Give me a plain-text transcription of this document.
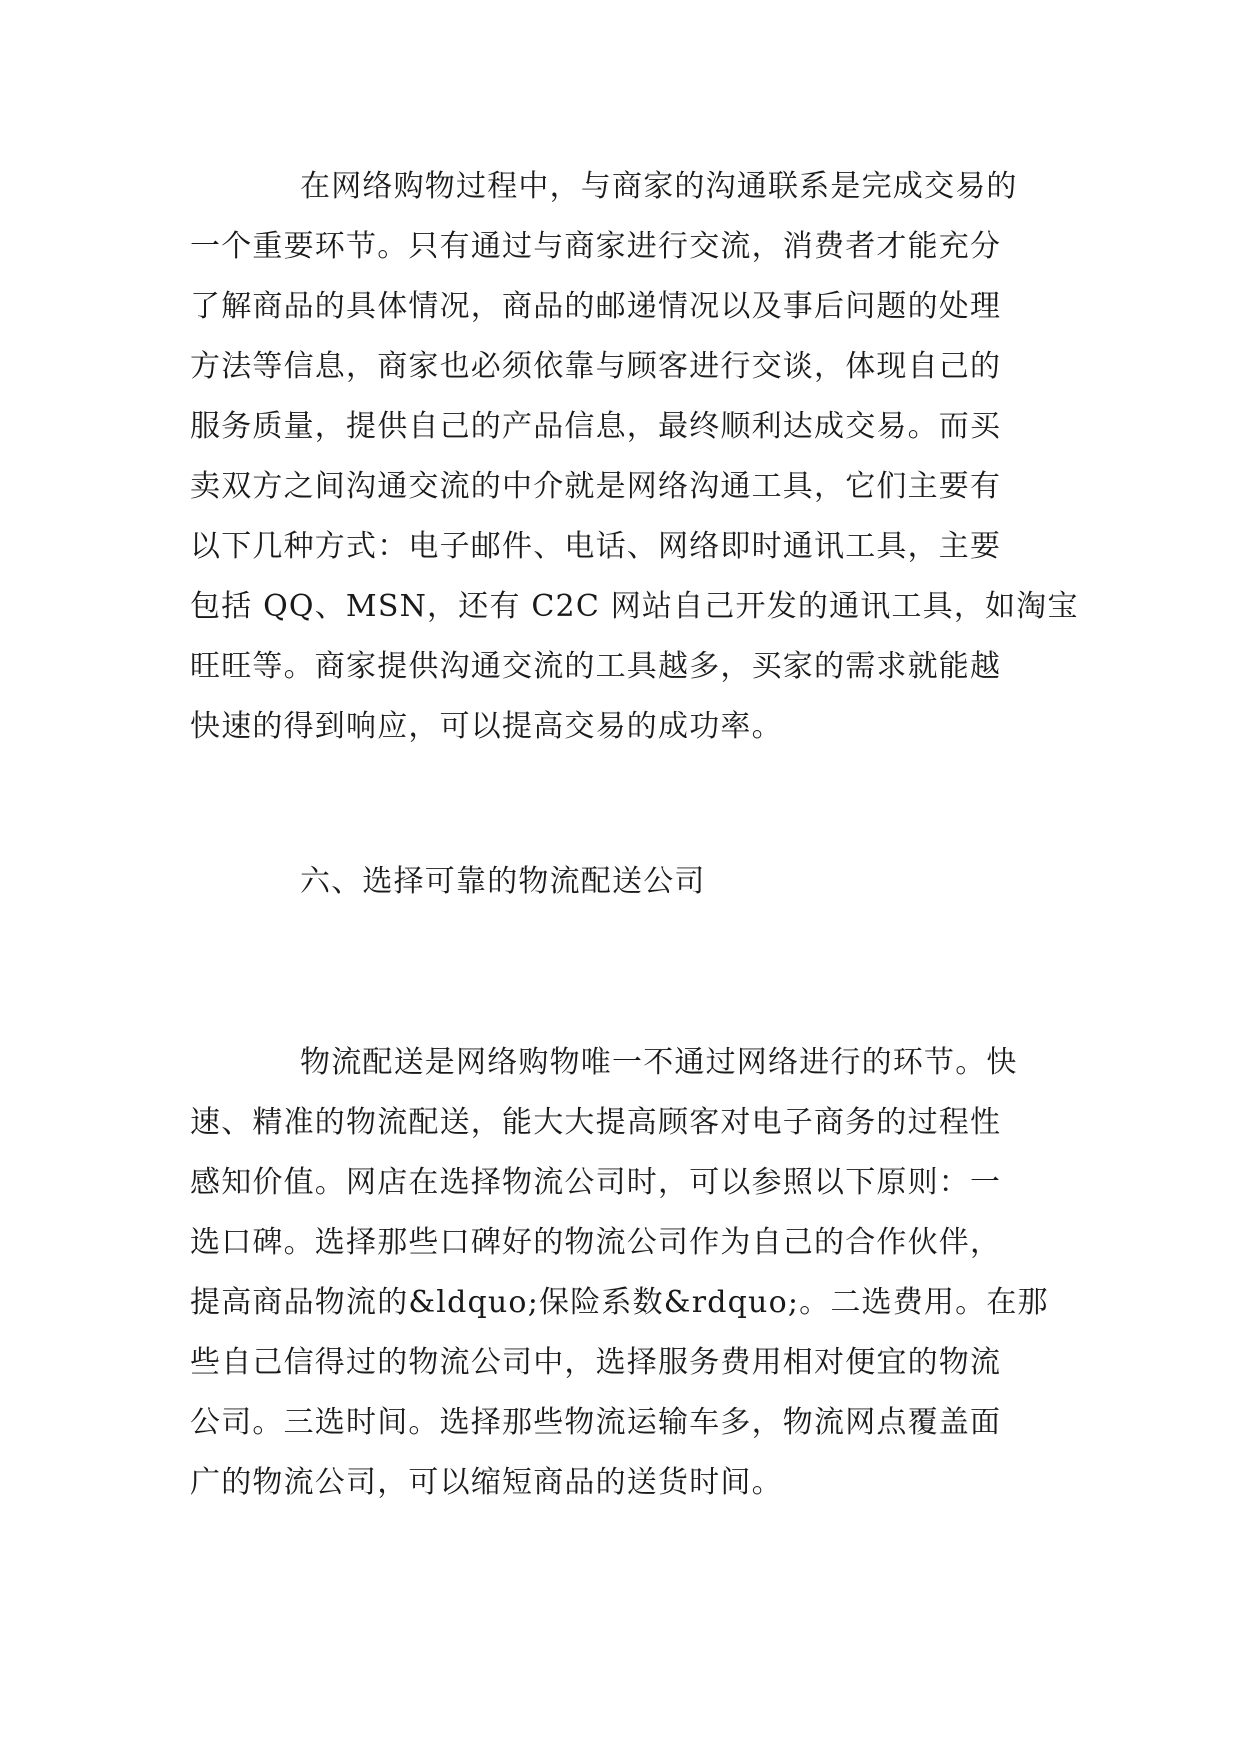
在网络购物过程中，与商家的沟通联系是完成交易的
一个重要环节。只有通过与商家进行交流，消费者才能充分
了解商品的具体情况，商品的邮递情况以及事后问题的处理
方法等信息，商家也必须依靠与顾客进行交谈，体现自己的
服务质量，提供自己的产品信息，最终顺利达成交易。而买
卖双方之间沟通交流的中介就是网络沟通工具，它们主要有
以下几种方式：电子邮件、电话、网络即时通讯工具，主要
包括 QQ、MSN，还有 C2C 网站自己开发的通讯工具，如淘宝
旺旺等。商家提供沟通交流的工具越多，买家的需求就能越
快速的得到响应，可以提高交易的成功率。

六、选择可靠的物流配送公司

物流配送是网络购物唯一不通过网络进行的环节。快
速、精准的物流配送，能大大提高顾客对电子商务的过程性
感知价值。网店在选择物流公司时，可以参照以下原则：一
选口碑。选择那些口碑好的物流公司作为自己的合作伙伴，
提高商品物流的&ldquo;保险系数&rdquo;。二选费用。在那
些自己信得过的物流公司中，选择服务费用相对便宜的物流
公司。三选时间。选择那些物流运输车多，物流网点覆盖面
广的物流公司，可以缩短商品的送货时间。
